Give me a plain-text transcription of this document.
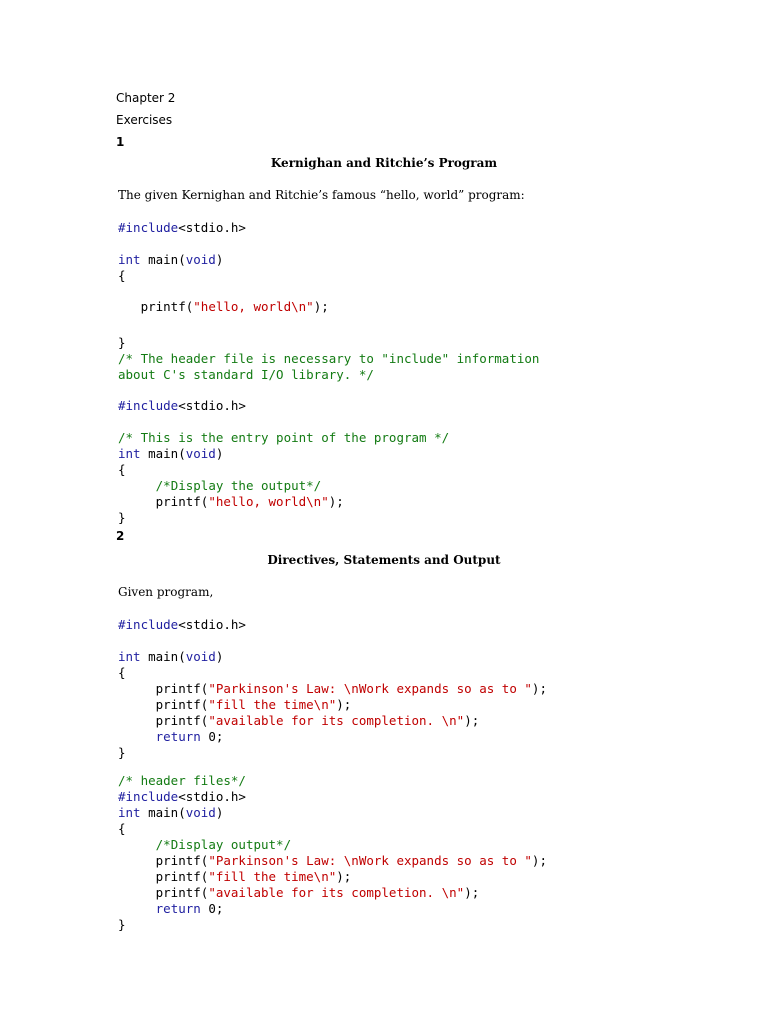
Chapter 2
Exercises
1
Kernighan and Ritchie’s Program
The given Kernighan and Ritchie’s famous “hello, world” program:
#include<stdio.h>
int main(void)
{
printf("hello, world\n");
}
/* The header file is necessary to "include" information
about C's standard I/O library. */
#include<stdio.h>
/* This is the entry point of the program */
int main(void)
{
/*Display the output*/
printf("hello, world\n");
}
2
Directives, Statements and Output
Given program,
#include<stdio.h>
int main(void)
{
printf("Parkinson's Law: \nWork expands so as to ");
printf("fill the time\n");
printf("available for its completion. \n");
return 0;
}
/* header files*/
#include<stdio.h>
int main(void)
{
/*Display output*/
printf("Parkinson's Law: \nWork expands so as to ");
printf("fill the time\n");
printf("available for its completion. \n");
return 0;
}
